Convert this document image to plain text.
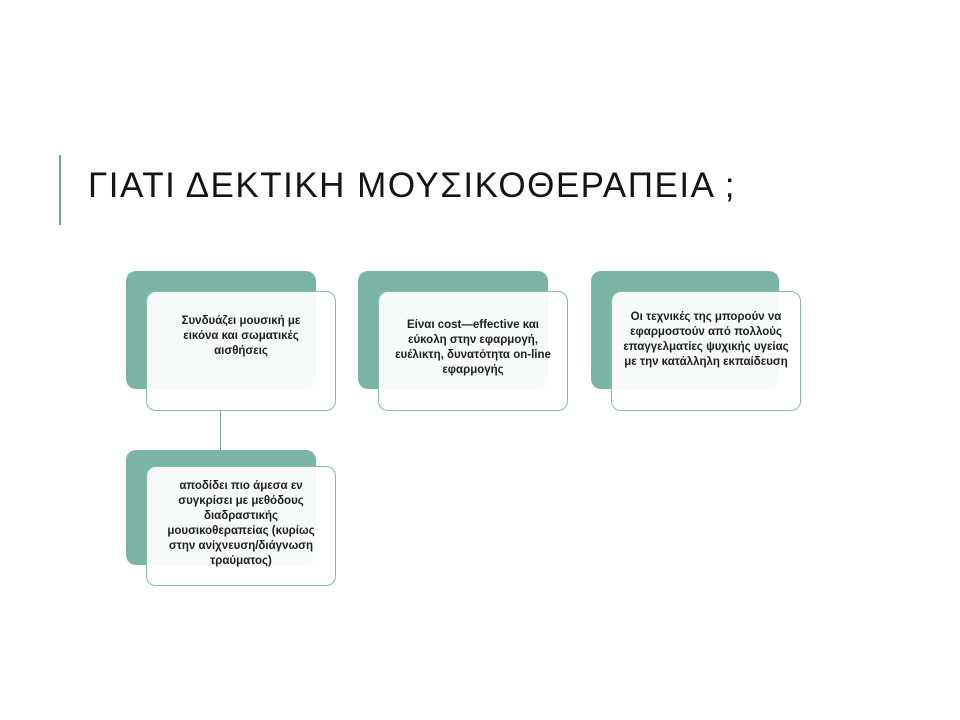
ΓΙΑΤΙ ΔΕΚΤΙΚΗ ΜΟΥΣΙΚΟΘΕΡΑΠΕΙΑ ;
Συνδυάζει μουσική με εικόνα και σωματικές αισθήσεις
Είναι cost—effective και εύκολη στην εφαρμογή, ευέλικτη, δυνατότητα on-line εφαρμογής
Οι τεχνικές της μπορούν να εφαρμοστούν από πολλούς επαγγελματίες ψυχικής υγείας με την κατάλληλη εκπαίδευση
αποδίδει πιο άμεσα εν συγκρίσει με μεθόδους διαδραστικής μουσικοθεραπείας (κυρίως στην ανίχνευση/διάγνωση τραύματος)
